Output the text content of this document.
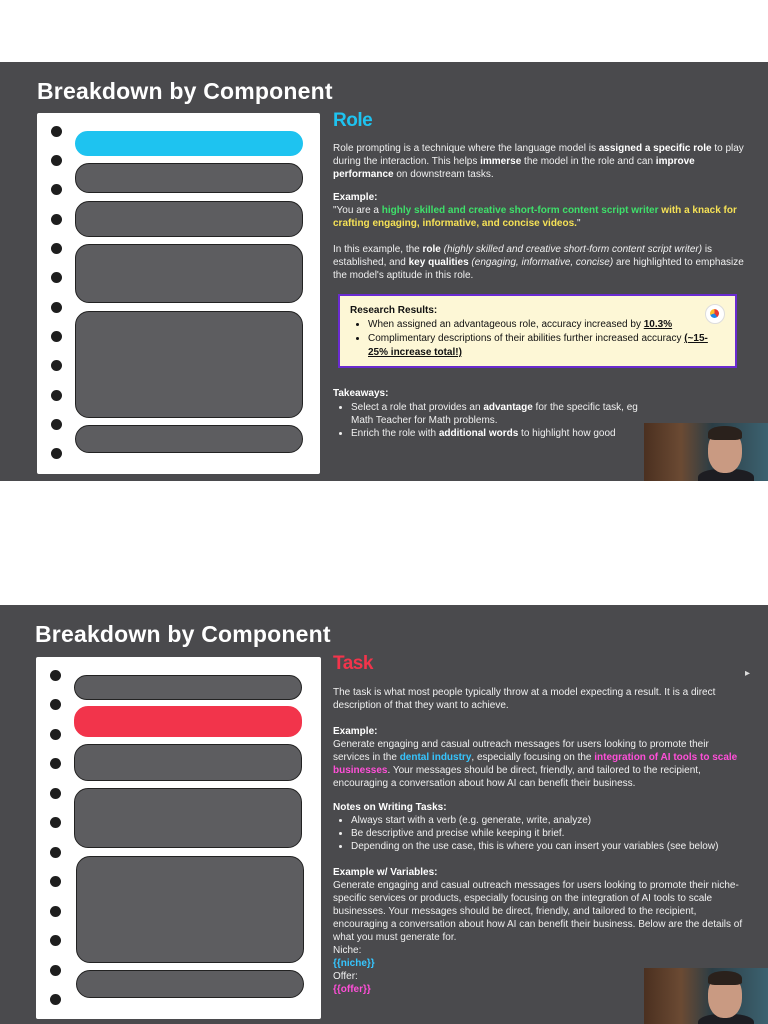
Breakdown by Component
Role

Role prompting is a technique where the language model is assigned a specific role to play during the interaction. This helps immerse the model in the role and can improve performance on downstream tasks.

Example:

"You are a highly skilled and creative short-form content script writer with a knack for crafting engaging, informative, and concise videos."

In this example, the role (highly skilled and creative short-form content script writer) is established, and key qualities (engaging, informative, concise) are highlighted to emphasize the model's aptitude in this role.

Research Results:
• When assigned an advantageous role, accuracy increased by 10.3%
• Complimentary descriptions of their abilities further increased accuracy (~15-25% increase total!)

Takeaways:

• Select a role that provides an advantage for the specific task, eg Math Teacher for Math problems.
• Enrich the role with additional words to highlight how good
Breakdown by Component
Task

The task is what most people typically throw at a model expecting a result. It is a direct description of that they want to achieve.

Example:

Generate engaging and casual outreach messages for users looking to promote their services in the dental industry, especially focusing on the integration of AI tools to scale businesses. Your messages should be direct, friendly, and tailored to the recipient, encouraging a conversation about how AI can benefit their business.

Notes on Writing Tasks:

• Always start with a verb (e.g. generate, write, analyze)
• Be descriptive and precise while keeping it brief.
• Depending on the use case, this is where you can insert your variables (see below)

Example w/ Variables:

Generate engaging and casual outreach messages for users looking to promote their niche-specific services or products, especially focusing on the integration of AI tools to scale businesses. Your messages should be direct, friendly, and tailored to the recipient, encouraging a conversation about how AI can benefit their business. Below are the details of what you must generate for.

Niche:

{{niche}}

Offer:

{{offer}}

▸
